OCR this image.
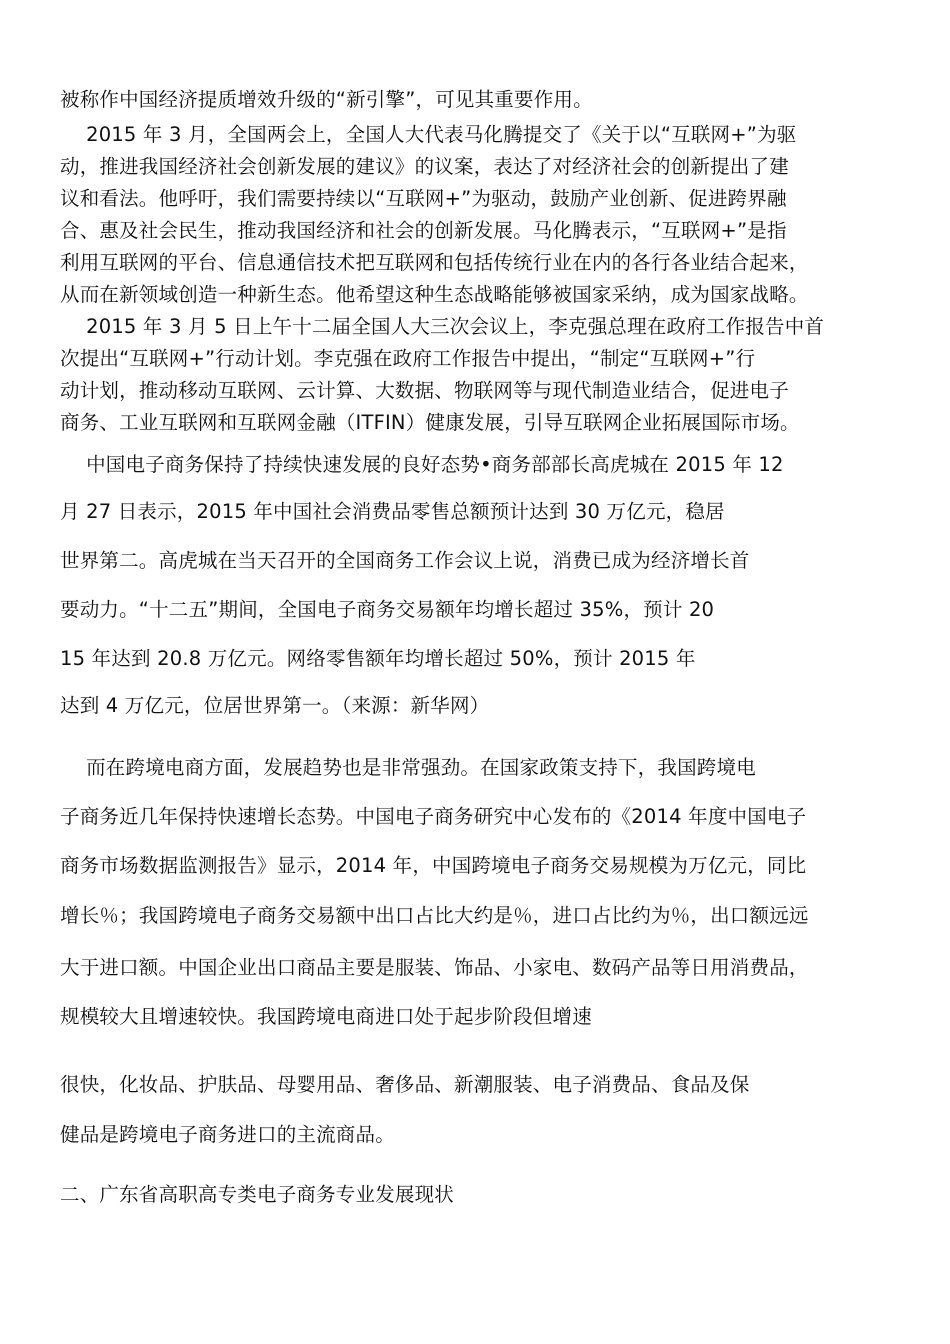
被称作中国经济提质增效升级的“新引擎”，可见其重要作用。
　 2015 年 3 月，全国两会上，全国人大代表马化腾提交了《关于以“互联网+”为驱
动，推进我国经济社会创新发展的建议》的议案，表达了对经济社会的创新提出了建
议和看法。他呼吁，我们需要持续以“互联网+”为驱动，鼓励产业创新、促进跨界融
合、惠及社会民生，推动我国经济和社会的创新发展。马化腾表示，“互联网+”是指
利用互联网的平台、信息通信技术把互联网和包括传统行业在内的各行各业结合起来，
从而在新领域创造一种新生态。他希望这种生态战略能够被国家采纳，成为国家战略。
　 2015 年 3 月 5 日上午十二届全国人大三次会议上，李克强总理在政府工作报告中首
次提出“互联网+”行动计划。李克强在政府工作报告中提出，“制定“互联网+”行
动计划，推动移动互联网、云计算、大数据、物联网等与现代制造业结合，促进电子
商务、工业互联网和互联网金融（ITFIN）健康发展，引导互联网企业拓展国际市场。
　 中国电子商务保持了持续快速发展的良好态势•商务部部长高虎城在 2015 年 12
月 27 日表示，2015 年中国社会消费品零售总额预计达到 30 万亿元，稳居
世界第二。高虎城在当天召开的全国商务工作会议上说，消费已成为经济增长首
要动力。“十二五”期间，全国电子商务交易额年均增长超过 35%，预计 20
15 年达到 20.8 万亿元。网络零售额年均增长超过 50%，预计 2015 年
达到 4 万亿元，位居世界第一。（来源：新华网）
　 而在跨境电商方面，发展趋势也是非常强劲。在国家政策支持下，我国跨境电
子商务近几年保持快速增长态势。中国电子商务研究中心发布的《2014 年度中国电子
商务市场数据监测报告》显示，2014 年，中国跨境电子商务交易规模为万亿元，同比
增长％；我国跨境电子商务交易额中出口占比大约是％，进口占比约为％，出口额远远
大于进口额。中国企业出口商品主要是服装、饰品、小家电、数码产品等日用消费品，
规模较大且增速较快。我国跨境电商进口处于起步阶段但增速
很快，化妆品、护肤品、母婴用品、奢侈品、新潮服装、电子消费品、食品及保
健品是跨境电子商务进口的主流商品。
二、广东省高职高专类电子商务专业发展现状
